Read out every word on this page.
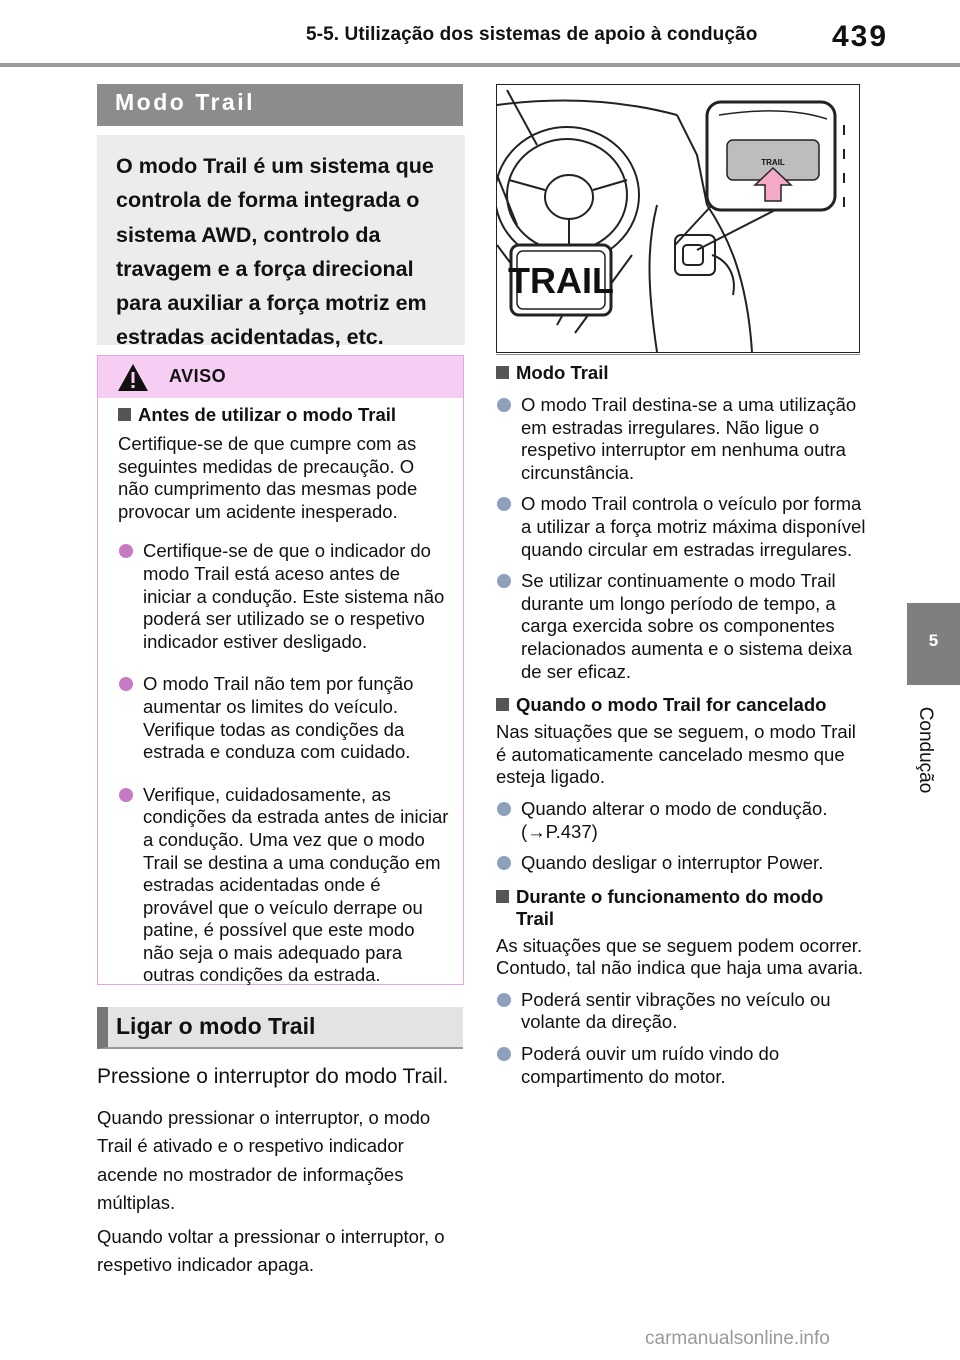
5-5. Utilização dos sistemas de apoio à condução 439
5
Condução
Modo Trail

O modo Trail é um sistema que controla de forma integrada o sistema AWD, controlo da travagem e a força direcional para auxiliar a força motriz em estradas acidentadas, etc.

AVISO
Antes de utilizar o modo Trail
Certifique-se de que cumpre com as seguintes medidas de precaução. O não cumprimento das mesmas pode provocar um acidente inesperado.
Certifique-se de que o indicador do modo Trail está aceso antes de iniciar a condução. Este sistema não poderá ser utilizado se o respetivo indicador estiver desligado.
O modo Trail não tem por função aumentar os limites do veículo. Verifique todas as condições da estrada e conduza com cuidado.
Verifique, cuidadosamente, as condições da estrada antes de iniciar a condução. Uma vez que o modo Trail se destina a uma condução em estradas acidentadas onde é provável que o veículo derrape ou patine, é possível que este modo não seja o mais adequado para outras condições da estrada.
Ligar o modo Trail

Pressione o interruptor do modo Trail.

Quando pressionar o interruptor, o modo Trail é ativado e o respetivo indicador acende no mostrador de informações múltiplas.

Quando voltar a pressionar o interruptor, o respetivo indicador apaga.

TRAIL
TRAIL
Modo Trail
O modo Trail destina-se a uma utilização em estradas irregulares. Não ligue o respetivo interruptor em nenhuma outra circunstância.
O modo Trail controla o veículo por forma a utilizar a força motriz máxima disponível quando circular em estradas irregulares.
Se utilizar continuamente o modo Trail durante um longo período de tempo, a carga exercida sobre os componentes relacionados aumenta e o sistema deixa de ser eficaz.
Quando o modo Trail for cancelado
Nas situações que se seguem, o modo Trail é automaticamente cancelado mesmo que esteja ligado.
Quando alterar o modo de condução. (→P.437)
Quando desligar o interruptor Power.
Durante o funcionamento do modo Trail
As situações que se seguem podem ocorrer. Contudo, tal não indica que haja uma avaria.
Poderá sentir vibrações no veículo ou volante da direção.
Poderá ouvir um ruído vindo do compartimento do motor.
carmanualsonline.info
